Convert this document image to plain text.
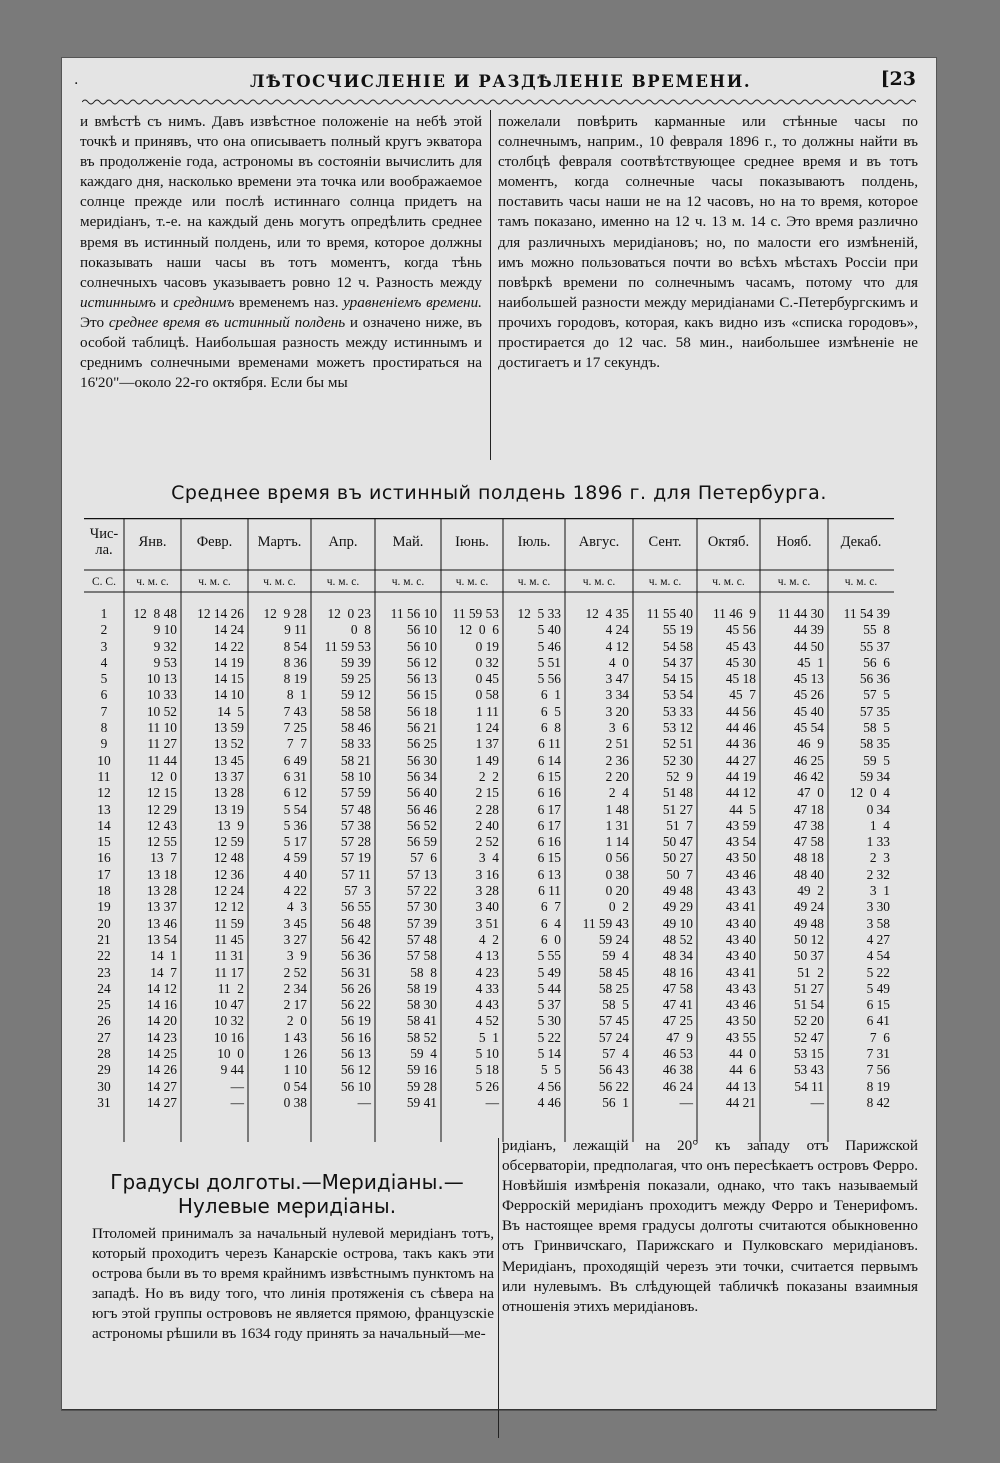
·	ЛѢТОСЧИСЛЕНІЕ И РАЗДѢЛЕНІЕ ВРЕМЕНИ.	[23
и вмѣстѣ съ нимъ. Давъ извѣстное положеніе на небѣ этой точкѣ и принявъ, что она описываетъ полный кругъ экватора въ продолженіе года, астрономы въ состояніи вычислить для каждаго дня, насколько времени эта точка или воображаемое солнце прежде или послѣ истиннаго солнца придетъ на меридіанъ, т.-е. на каждый день могутъ опредѣлить среднее время въ истинный полдень, или то время, которое должны показывать наши часы въ тотъ моментъ, когда тѣнь солнечныхъ часовъ указываетъ ровно 12 ч. Разность между истиннымъ и среднимъ временемъ наз. уравненіемъ времени. Это среднее время въ истинный полдень и означено ниже, въ особой таблицѣ. Наибольшая разность между истиннымъ и среднимъ солнечными временами можетъ простираться на 16'20"—около 22-го октября. Если бы мы
пожелали повѣрить карманные или стѣнные часы по солнечнымъ, наприм., 10 февраля 1896 г., то должны найти въ столбцѣ февраля соотвѣтствующее среднее время и въ тотъ моментъ, когда солнечные часы показываютъ полдень, поставить часы наши не на 12 часовъ, но на то время, которое тамъ показано, именно на 12 ч. 13 м. 14 с. Это время различно для различныхъ меридіановъ; но, по малости его измѣненій, имъ можно пользоваться почти во всѣхъ мѣстахъ Россіи при повѣркѣ времени по солнечнымъ часамъ, потому что для наибольшей разности между меридіанами С.-Петербургскимъ и прочихъ городовъ, которая, какъ видно изъ «списка городовъ», простирается до 12 час. 58 мин., наибольшее измѣненіе не достигаетъ и 17 секундъ.
Среднее время въ истинный полдень 1896 г. для Петербурга.
Чис-
ла.
С. С.
Янв.
ч. м. с.
Февр.
ч. м. с.
Мартъ.
ч. м. с.
Апр.
ч. м. с.
Май.
ч. м. с.
Іюнь.
ч. м. с.
Іюль.
ч. м. с.
Авгус.
ч. м. с.
Сент.
ч. м. с.
Октяб.
ч. м. с.
Нояб.
ч. м. с.
Декаб.
ч. м. с.
1
2
3
4
5
6
7
8
9
10
11
12
13
14
15
16
17
18
19
20
21
22
23
24
25
26
27
28
29
30
31
12  8 48
9 10
9 32
9 53
10 13
10 33
10 52
11 10
11 27
11 44
12  0
12 15
12 29
12 43
12 55
13  7
13 18
13 28
13 37
13 46
13 54
14  1
14  7
14 12
14 16
14 20
14 23
14 25
14 26
14 27
14 27
12 14 26
14 24
14 22
14 19
14 15
14 10
14  5
13 59
13 52
13 45
13 37
13 28
13 19
13  9
12 59
12 48
12 36
12 24
12 12
11 59
11 45
11 31
11 17
11  2
10 47
10 32
10 16
10  0
9 44
—
—
12  9 28
9 11
8 54
8 36
8 19
8  1
7 43
7 25
7  7
6 49
6 31
6 12
5 54
5 36
5 17
4 59
4 40
4 22
4  3
3 45
3 27
3  9
2 52
2 34
2 17
2  0
1 43
1 26
1 10
0 54
0 38
12  0 23
0  8
11 59 53
59 39
59 25
59 12
58 58
58 46
58 33
58 21
58 10
57 59
57 48
57 38
57 28
57 19
57 11
57  3
56 55
56 48
56 42
56 36
56 31
56 26
56 22
56 19
56 16
56 13
56 12
56 10
—
11 56 10
56 10
56 10
56 12
56 13
56 15
56 18
56 21
56 25
56 30
56 34
56 40
56 46
56 52
56 59
57  6
57 13
57 22
57 30
57 39
57 48
57 58
58  8
58 19
58 30
58 41
58 52
59  4
59 16
59 28
59 41
11 59 53
12  0  6
0 19
0 32
0 45
0 58
1 11
1 24
1 37
1 49
2  2
2 15
2 28
2 40
2 52
3  4
3 16
3 28
3 40
3 51
4  2
4 13
4 23
4 33
4 43
4 52
5  1
5 10
5 18
5 26
—
12  5 33
5 40
5 46
5 51
5 56
6  1
6  5
6  8
6 11
6 14
6 15
6 16
6 17
6 17
6 16
6 15
6 13
6 11
6  7
6  4
6  0
5 55
5 49
5 44
5 37
5 30
5 22
5 14
5  5
4 56
4 46
12  4 35
4 24
4 12
4  0
3 47
3 34
3 20
3  6
2 51
2 36
2 20
2  4
1 48
1 31
1 14
0 56
0 38
0 20
0  2
11 59 43
59 24
59  4
58 45
58 25
58  5
57 45
57 24
57  4
56 43
56 22
56  1
11 55 40
55 19
54 58
54 37
54 15
53 54
53 33
53 12
52 51
52 30
52  9
51 48
51 27
51  7
50 47
50 27
50  7
49 48
49 29
49 10
48 52
48 34
48 16
47 58
47 41
47 25
47  9
46 53
46 38
46 24
—
11 46  9
45 56
45 43
45 30
45 18
45  7
44 56
44 46
44 36
44 27
44 19
44 12
44  5
43 59
43 54
43 50
43 46
43 43
43 41
43 40
43 40
43 40
43 41
43 43
43 46
43 50
43 55
44  0
44  6
44 13
44 21
11 44 30
44 39
44 50
45  1
45 13
45 26
45 40
45 54
46  9
46 25
46 42
47  0
47 18
47 38
47 58
48 18
48 40
49  2
49 24
49 48
50 12
50 37
51  2
51 27
51 54
52 20
52 47
53 15
53 43
54 11
—
11 54 39
55  8
55 37
56  6
56 36
57  5
57 35
58  5
58 35
59  5
59 34
12  0  4
0 34
1  4
1 33
2  3
2 32
3  1
3 30
3 58
4 27
4 54
5 22
5 49
6 15
6 41
7  6
7 31
7 56
8 19
8 42
Градусы долготы.—Меридіаны.—Нулевые меридіаны.
Птоломей принималъ за начальный нулевой меридіанъ тотъ, который проходитъ черезъ Канарскіе острова, такъ какъ эти острова были въ то время крайнимъ извѣстнымъ пунктомъ на западѣ. Но въ виду того, что линія протяженія съ сѣвера на югъ этой группы острововъ не является прямою, французскіе астрономы рѣшили въ 1634 году принять за начальный—ме-
ридіанъ, лежащій на 20° къ западу отъ Парижской обсерваторіи, предполагая, что онъ пересѣкаетъ островъ Ферро. Новѣйшія измѣренія показали, однако, что такъ называемый Ферроскій меридіанъ проходитъ между Ферро и Тенерифомъ. Въ настоящее время градусы долготы считаются обыкновенно отъ Гринвичскаго, Парижскаго и Пулковскаго меридіановъ. Меридіанъ, проходящій черезъ эти точки, считается первымъ или нулевымъ. Въ слѣдующей табличкѣ показаны взаимныя отношенія этихъ меридіановъ.
